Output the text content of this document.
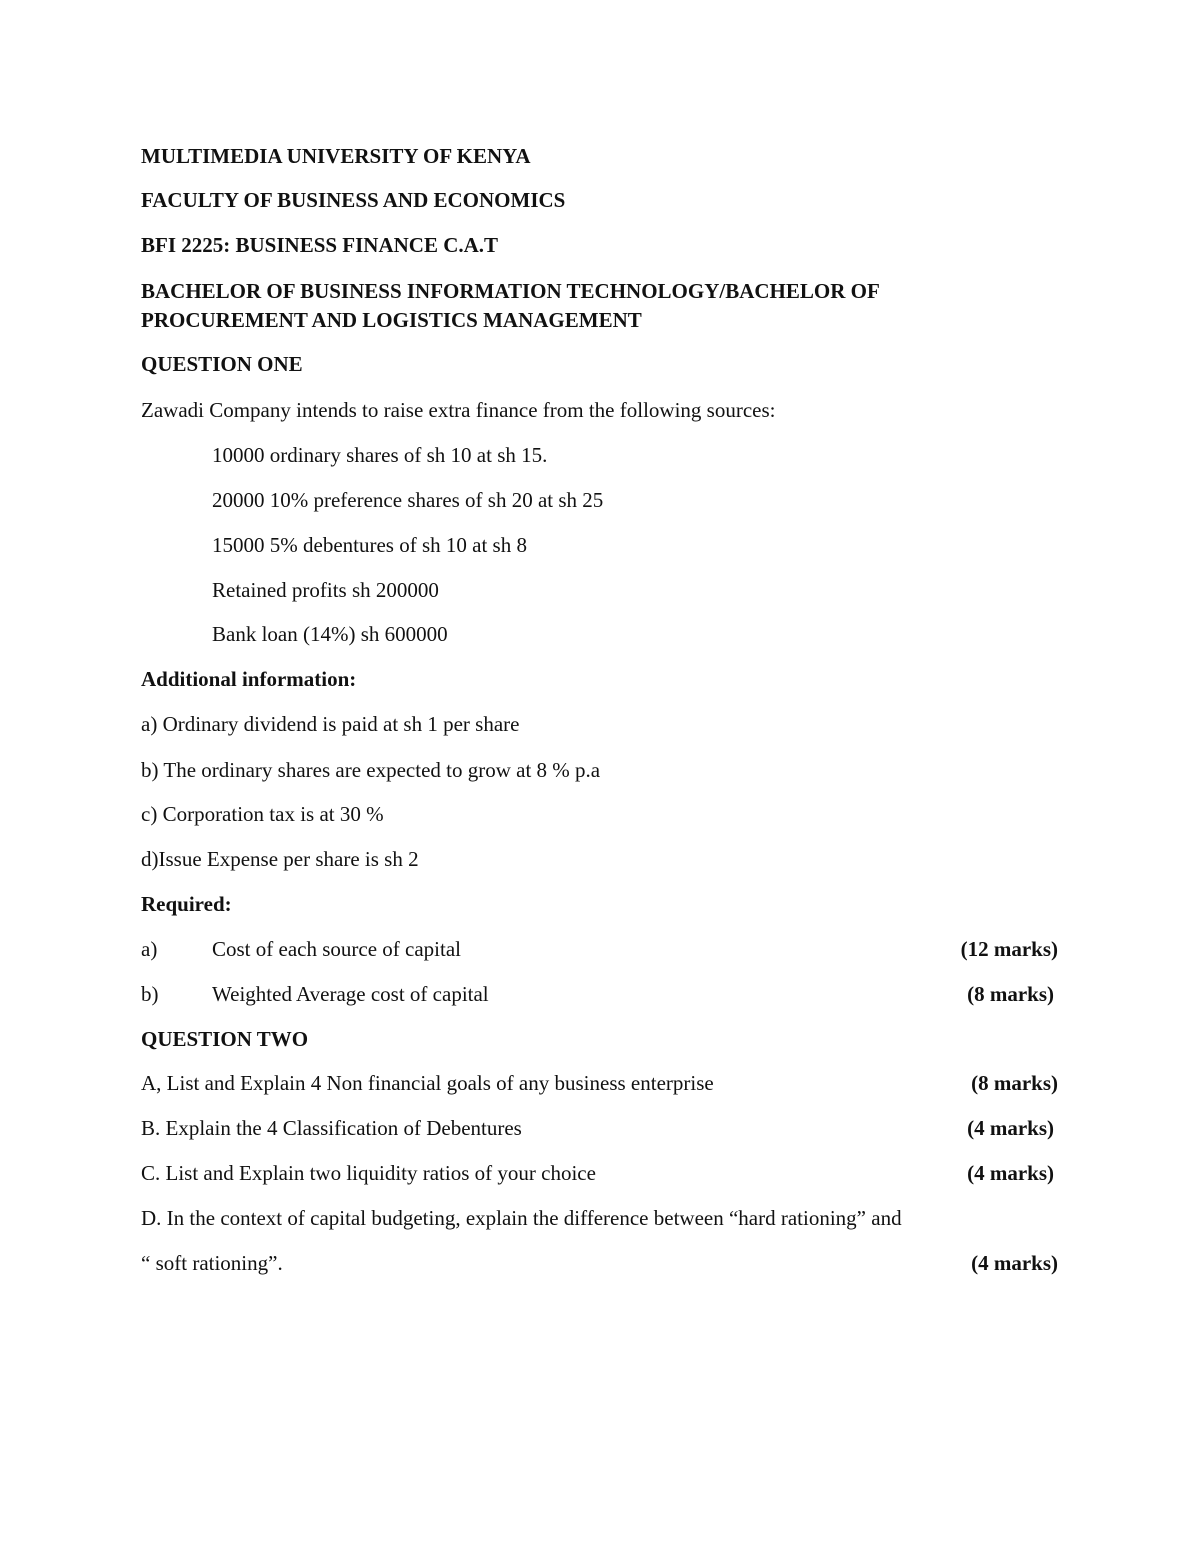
MULTIMEDIA UNIVERSITY OF KENYA
FACULTY OF BUSINESS AND ECONOMICS
BFI 2225: BUSINESS FINANCE C.A.T
BACHELOR OF BUSINESS INFORMATION TECHNOLOGY/BACHELOR OF
PROCUREMENT AND LOGISTICS MANAGEMENT
QUESTION ONE
Zawadi Company intends to raise extra finance from the following sources:
10000 ordinary shares of sh 10 at sh 15.
20000 10% preference shares of sh 20 at sh 25
15000 5% debentures of sh 10 at sh 8
Retained profits sh 200000
Bank loan (14%) sh 600000
Additional information:
a) Ordinary dividend is paid at sh 1 per share
b) The ordinary shares are expected to grow at 8 % p.a
c) Corporation tax is at 30 %
d)Issue Expense per share is sh 2
Required:
a)	Cost of each source of capital	(12 marks)
b)	Weighted Average cost of capital	(8 marks)
QUESTION TWO
A, List and Explain 4 Non financial goals of any business enterprise	(8 marks)
B. Explain the 4 Classification of Debentures	(4 marks)
C. List and Explain two liquidity ratios of your choice	(4 marks)
D. In the context of capital budgeting, explain the difference between “hard rationing” and
“ soft rationing”.	(4 marks)
